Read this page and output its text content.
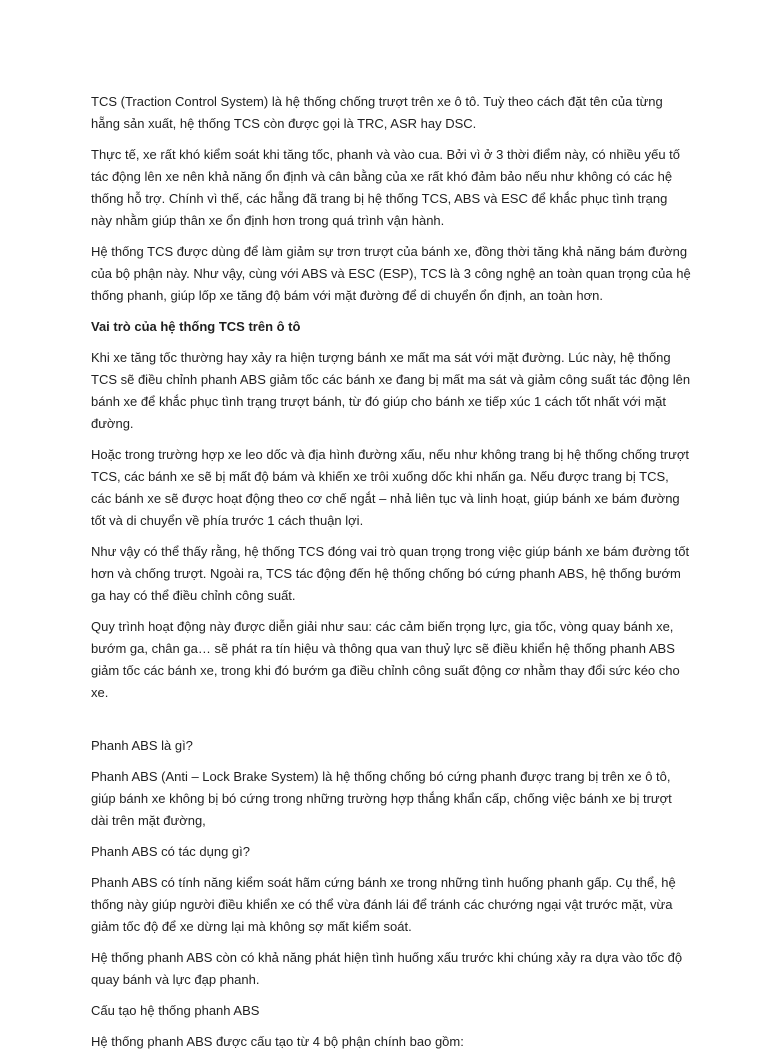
TCS (Traction Control System) là hệ thống chống trượt trên xe ô tô. Tuỳ theo cách đặt tên của từng hẵng sản xuất, hệ thống TCS còn được gọi là TRC, ASR hay DSC.

Thực tế, xe rất khó kiểm soát khi tăng tốc, phanh và vào cua. Bởi vì ở 3 thời điểm này, có nhiều yếu tố tác động lên xe nên khả năng ổn định và cân bằng của xe rất khó đảm bảo nếu như không có các hệ thống hỗ trợ. Chính vì thế, các hẵng đã trang bị hệ thống TCS, ABS và ESC để khắc phục tình trạng này nhằm giúp thân xe ổn định hơn trong quá trình vận hành.

Hệ thống TCS được dùng để làm giảm sự trơn trượt của bánh xe, đồng thời tăng khả năng bám đường của bộ phận này. Như vậy, cùng với ABS và ESC (ESP), TCS là 3 công nghệ an toàn quan trọng của hệ thống phanh, giúp lốp xe tăng độ bám với mặt đường để di chuyển ổn định, an toàn hơn.

Vai trò của hệ thống TCS trên ô tô

Khi xe tăng tốc thường hay xảy ra hiện tượng bánh xe mất ma sát với mặt đường. Lúc này, hệ thống TCS sẽ điều chỉnh phanh ABS giảm tốc các bánh xe đang bị mất ma sát và giảm công suất tác động lên bánh xe để khắc phục tình trạng trượt bánh, từ đó giúp cho bánh xe tiếp xúc 1 cách tốt nhất với mặt đường.

Hoặc trong trường hợp xe leo dốc và địa hình đường xấu, nếu như không trang bị hệ thống chống trượt TCS, các bánh xe sẽ bị mất độ bám và khiến xe trôi xuống dốc khi nhấn ga. Nếu được trang bị TCS, các bánh xe sẽ được hoạt động theo cơ chế ngắt – nhả liên tục và linh hoạt, giúp bánh xe bám đường tốt và di chuyển về phía trước 1 cách thuận lợi.

Như vậy có thể thấy rằng, hệ thống TCS đóng vai trò quan trọng trong việc giúp bánh xe bám đường tốt hơn và chống trượt. Ngoài ra, TCS tác động đến hệ thống chống bó cứng phanh ABS, hệ thống bướm ga hay có thể điều chỉnh công suất.

Quy trình hoạt động này được diễn giải như sau: các cảm biến trọng lực, gia tốc, vòng quay bánh xe, bướm ga, chân ga… sẽ phát ra tín hiệu và thông qua van thuỷ lực sẽ điều khiển hệ thống phanh ABS giảm tốc các bánh xe, trong khi đó bướm ga điều chỉnh công suất động cơ nhằm thay đổi sức kéo cho xe.

Phanh ABS là gì?

Phanh ABS (Anti – Lock Brake System) là hệ thống chống bó cứng phanh được trang bị trên xe ô tô, giúp bánh xe không bị bó cứng trong những trường hợp thắng khẩn cấp, chống việc bánh xe bị trượt dài trên mặt đường,

Phanh ABS có tác dụng gì?

Phanh ABS có tính năng kiểm soát hãm cứng bánh xe trong những tình huống phanh gấp. Cụ thể, hệ thống này giúp người điều khiển xe có thể vừa đánh lái để tránh các chướng ngại vật trước mặt, vừa giảm tốc độ để xe dừng lại mà không sợ mất kiểm soát.

Hệ thống phanh ABS còn có khả năng phát hiện tình huống xấu trước khi chúng xảy ra dựa vào tốc độ quay bánh và lực đạp phanh.

Cấu tạo hệ thống phanh ABS

Hệ thống phanh ABS được cấu tạo từ 4 bộ phận chính bao gồm:
